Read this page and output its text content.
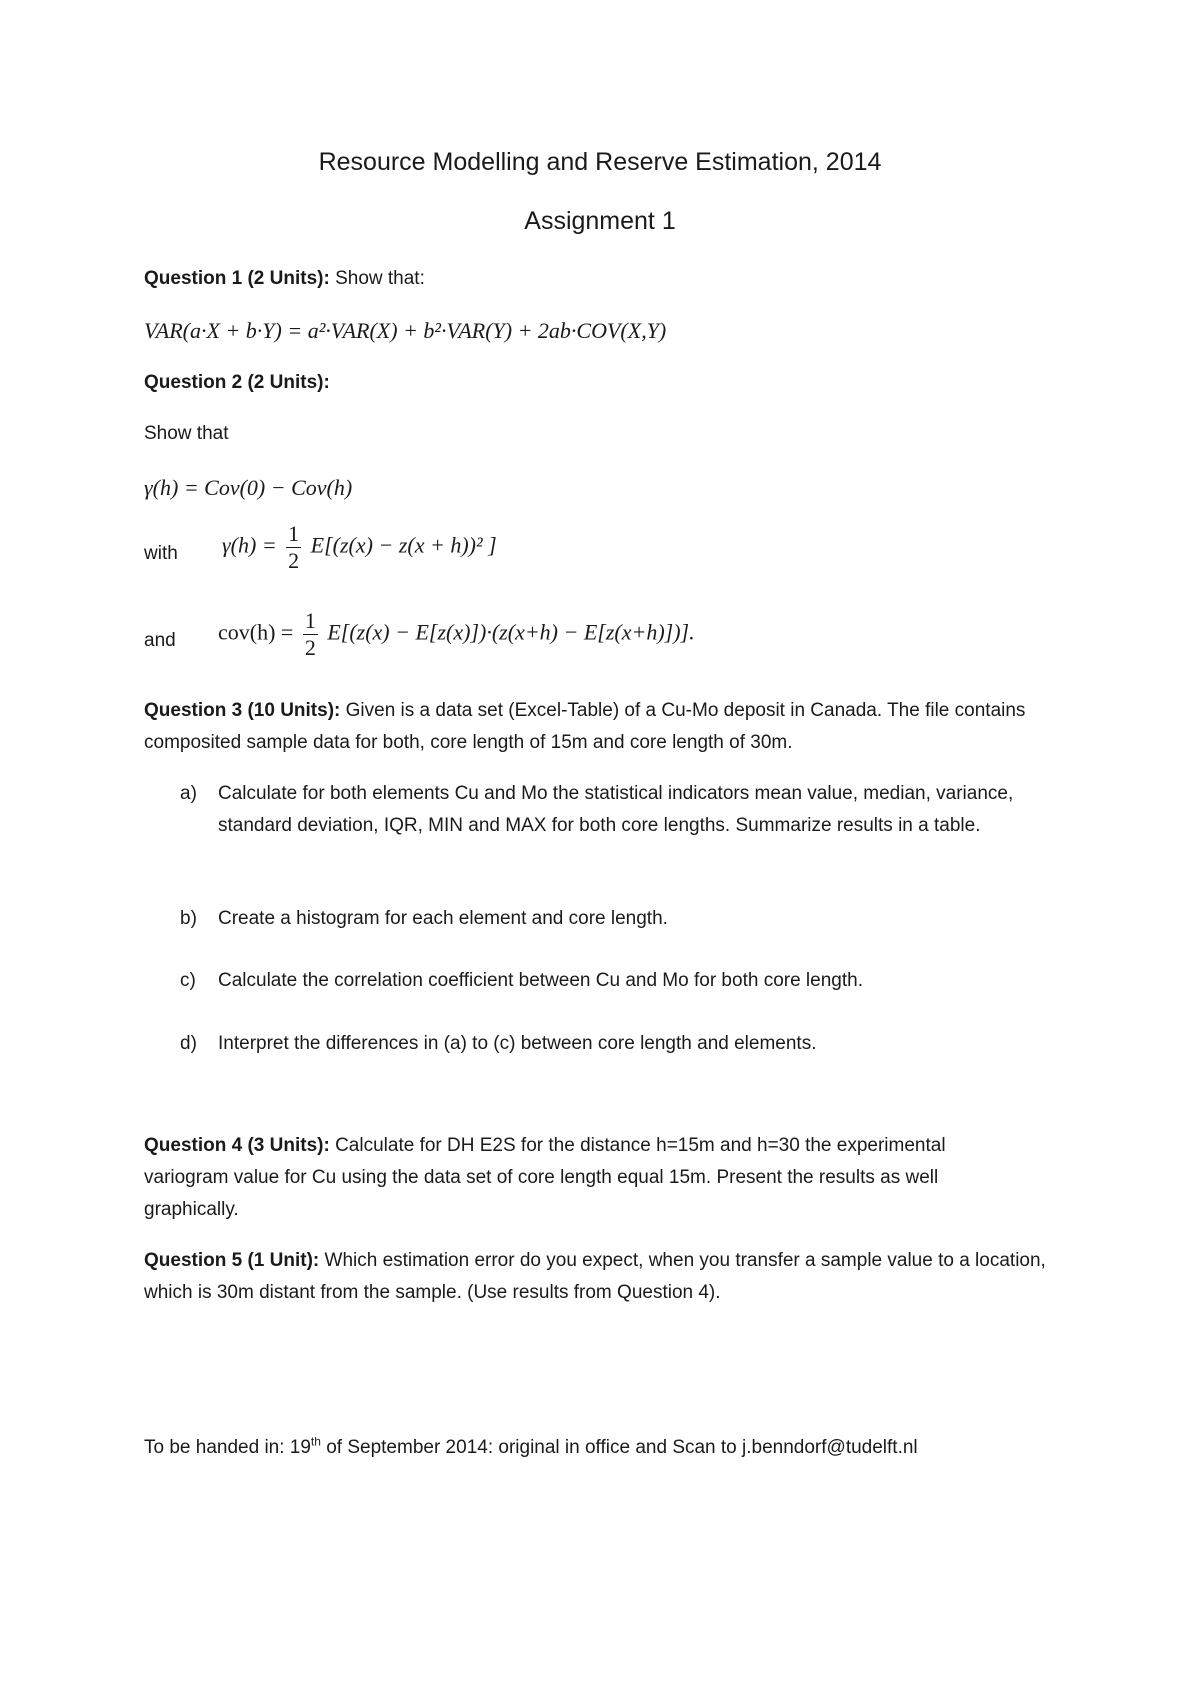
Resource Modelling and Reserve Estimation, 2014
Assignment 1
Question 1 (2 Units): Show that:
VAR(a·X + b·Y) = a²·VAR(X) + b²·VAR(Y) + 2ab·COV(X,Y)
Question 2 (2 Units):
Show that
γ(h) = Cov(0) − Cov(h)
with $\gamma(h) = \frac{1}{2} E[(z(x) - z(x + h))^2$ ]
and $cov(h) = \frac{1}{2} E[(z(x) - E[z(x)])\cdot(z(x+h) - E[z(x+h)])]$.
Question 3 (10 Units): Given is a data set (Excel-Table) of a Cu-Mo deposit in Canada. The file contains composited sample data for both, core length of 15m and core length of 30m.
a) Calculate for both elements Cu and Mo the statistical indicators mean value, median, variance, standard deviation, IQR, MIN and MAX for both core lengths. Summarize results in a table.
b) Create a histogram for each element and core length.
c) Calculate the correlation coefficient between Cu and Mo for both core length.
d) Interpret the differences in (a) to (c) between core length and elements.
Question 4 (3 Units): Calculate for DH E2S for the distance h=15m and h=30 the experimental variogram value for Cu using the data set of core length equal 15m. Present the results as well graphically.
Question 5 (1 Unit): Which estimation error do you expect, when you transfer a sample value to a location, which is 30m distant from the sample. (Use results from Question 4).
To be handed in: 19th of September 2014: original in office and Scan to j.benndorf@tudelft.nl
